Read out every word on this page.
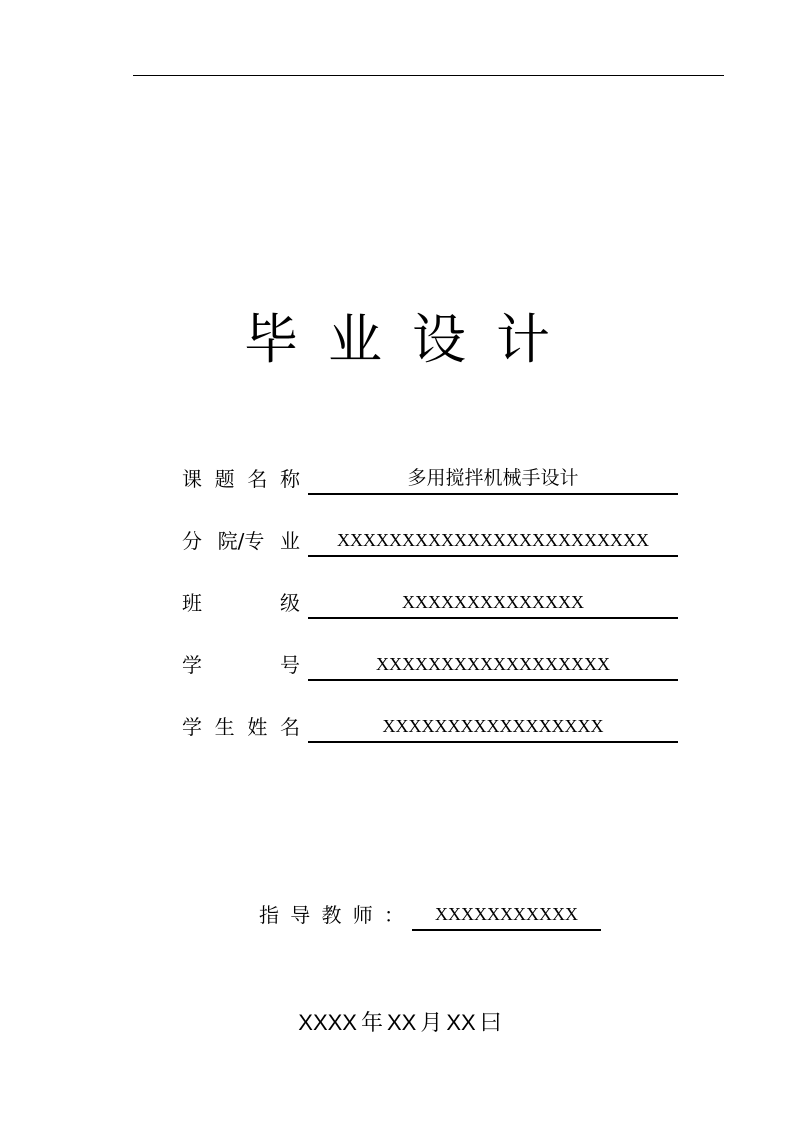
毕业设计
课 题 名 称	多用搅拌机械手设计
分 院/专 业	XXXXXXXXXXXXXXXXXXXXXXXX
班	级	XXXXXXXXXXXXXX
学	号	XXXXXXXXXXXXXXXXXX
学 生 姓 名	XXXXXXXXXXXXXXXXX
指 导 教 师 ：	XXXXXXXXXXX
XXXX 年 XX 月 XX 曰
